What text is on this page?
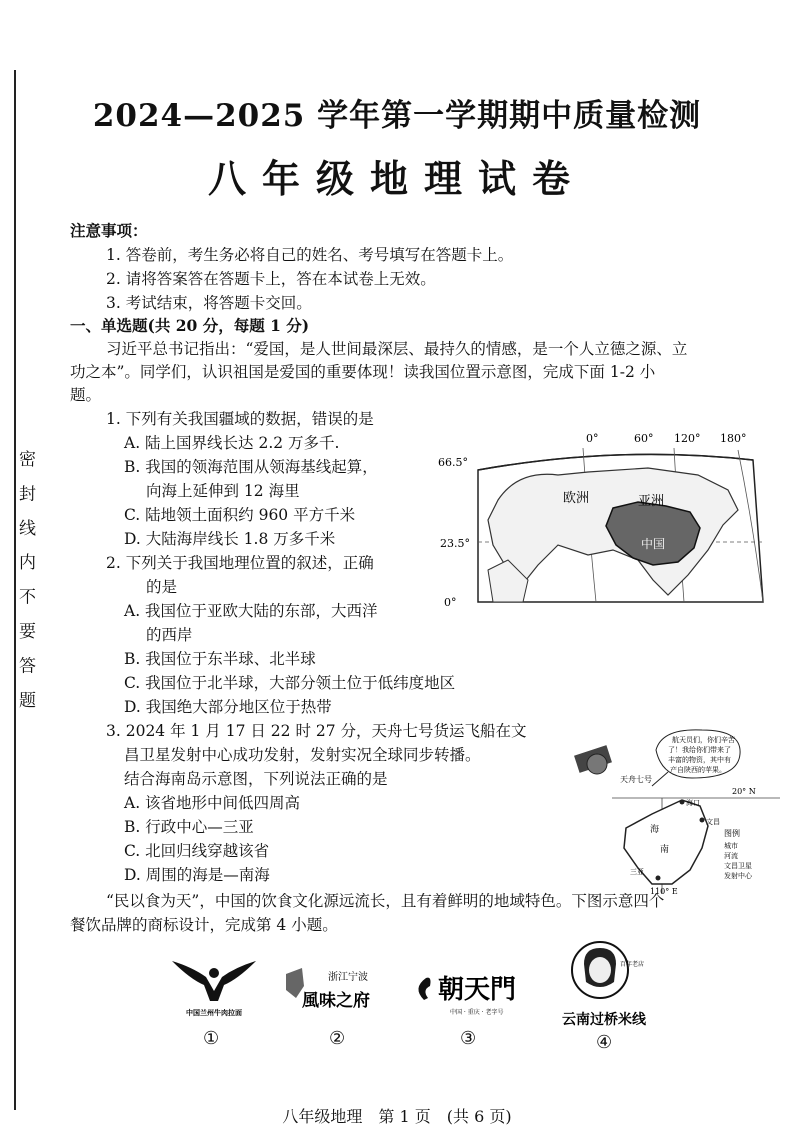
密 封 线 内 不 要 答 题
2024—2025 学年第一学期期中质量检测
八年级地理试卷
注意事项：
1. 答卷前，考生务必将自己的姓名、考号填写在答题卡上。
2. 请将答案答在答题卡上，答在本试卷上无效。
3. 考试结束，将答题卡交回。
一、单选题(共 20 分，每题 1 分)
习近平总书记指出：“爱国，是人世间最深层、最持久的情感，是一个人立德之源、立
功之本”。同学们，认识祖国是爱国的重要体现！读我国位置示意图，完成下面 1-2 小
题。
1. 下列有关我国疆域的数据，错误的是
A. 陆上国界线长达 2.2 万多千.
B. 我国的领海范围从领海基线起算，
向海上延伸到 12 海里
C. 陆地领土面积约 960 平方千米
D. 大陆海岸线长 1.8 万多千米
2. 下列关于我国地理位置的叙述，正确
的是
A. 我国位于亚欧大陆的东部，大西洋
的西岸
B. 我国位于东半球、北半球
C. 我国位于北半球，大部分领土位于低纬度地区
D. 我国绝大部分地区位于热带
0°	60° 120° 180°
66.5°
23.5°
0°
欧洲	亚洲
中国
3. 2024 年 1 月 17 日 22 时 27 分，天舟七号货运飞船在文
昌卫星发射中心成功发射，发射实况全球同步转播。
结合海南岛示意图，下列说法正确的是
A. 该省地形中间低四周高
B. 行政中心—三亚
C. 北回归线穿越该省
D. 周围的海是—南海
航天员们，你们辛苦
了！我给你们带来了
丰富的物资，其中有
产自陕西的苹果。
天舟七号
20° N
110° E
海口
文昌
三亚
海
南
图例
城市
河流
文昌卫星
发射中心
“民以食为天”，中国的饮食文化源远流长，且有着鲜明的地域特色。下图示意四个
餐饮品牌的商标设计，完成第 4 小题。
中国兰州牛肉拉面
浙江宁波
風味之府	朝天門
中国 · 重庆 · 老字号
百年老店
云南过桥米线
①	②	③	④
八年级地理　第 1 页　(共 6 页)
